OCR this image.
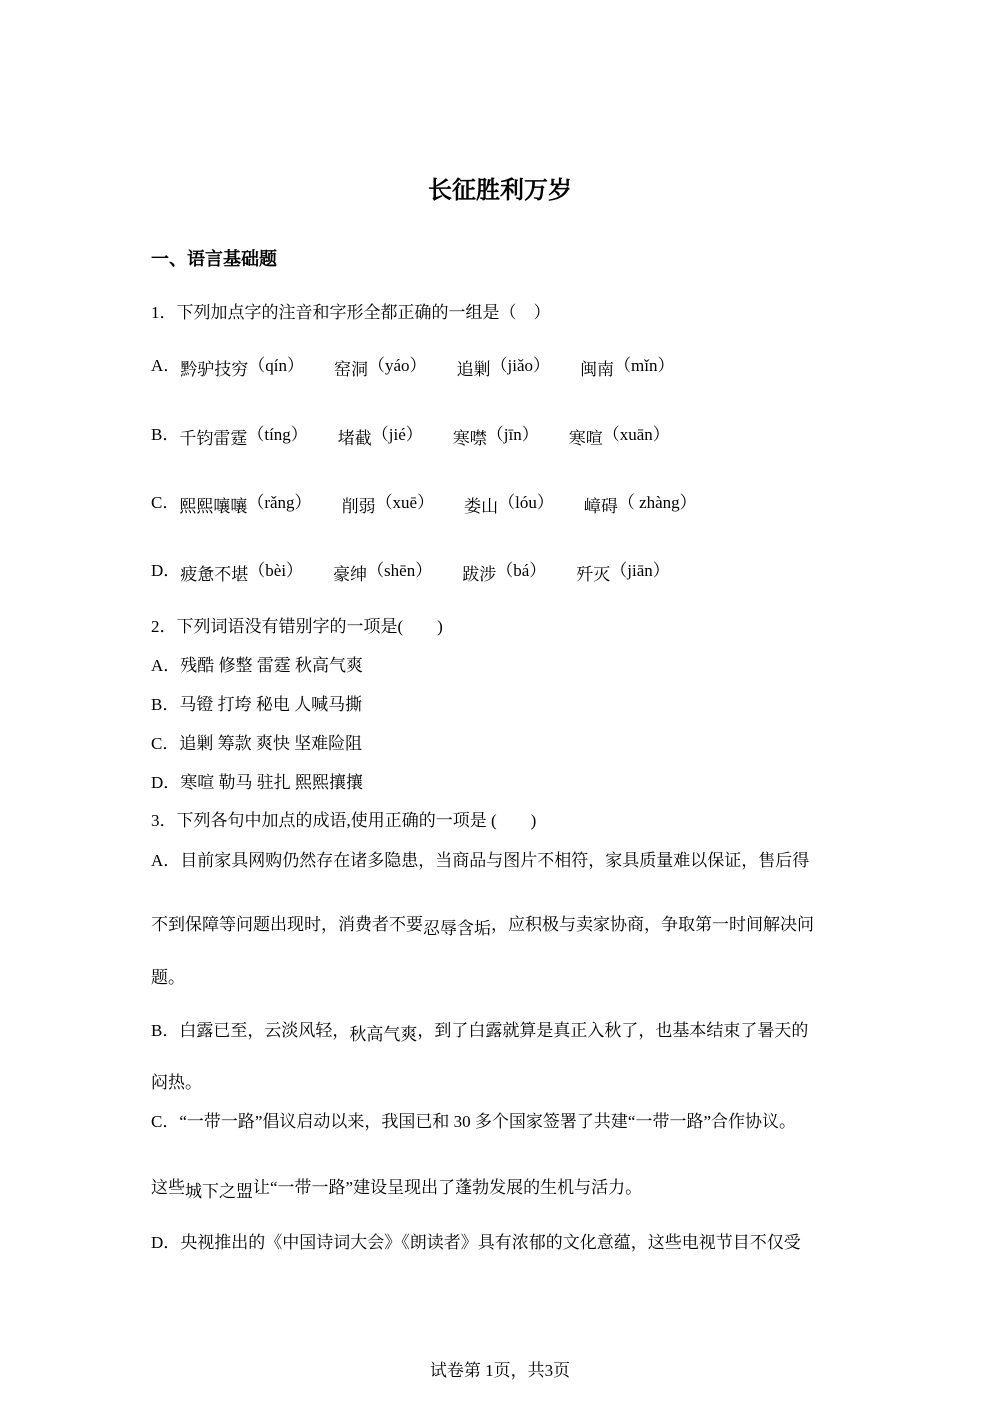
长征胜利万岁
一、语言基础题
1．下列加点字的注音和字形全都正确的一组是（　）
A．黔驴技穷（qín） 窑洞（yáo） 追剿（jiǎo） 闽南（mǐn）
B．千钧雷霆（tíng） 堵截（jié） 寒噤（jīn） 寒喧（xuān）
C．熙熙嚷嚷（rǎng） 削弱（xuē） 娄山（lóu） 嶂碍（ zhàng）
D．疲惫不堪（bèi） 豪绅（shēn） 跋涉（bá） 歼灭（jiān）
2．下列词语没有错别字的一项是(　　)
A．残酷 修整 雷霆 秋高气爽
B．马镫 打垮 秘电 人喊马撕
C．追剿 筹款 爽快 坚难险阻
D．寒喧 勒马 驻扎 熙熙攘攘
3．下列各句中加点的成语,使用正确的一项是 (　　)
A．目前家具网购仍然存在诸多隐患，当商品与图片不相符，家具质量难以保证，售后得
不到保障等问题出现时，消费者不要忍辱含垢，应积极与卖家协商，争取第一时间解决问
题。
B．白露已至，云淡风轻，秋高气爽，到了白露就算是真正入秋了，也基本结束了暑天的
闷热。
C．“一带一路”倡议启动以来，我国已和 30 多个国家签署了共建“一带一路”合作协议。
这些城下之盟让“一带一路”建设呈现出了蓬勃发展的生机与活力。
D．央视推出的《中国诗词大会》《朗读者》具有浓郁的文化意蕴，这些电视节目不仅受
试卷第 1页，共3页
